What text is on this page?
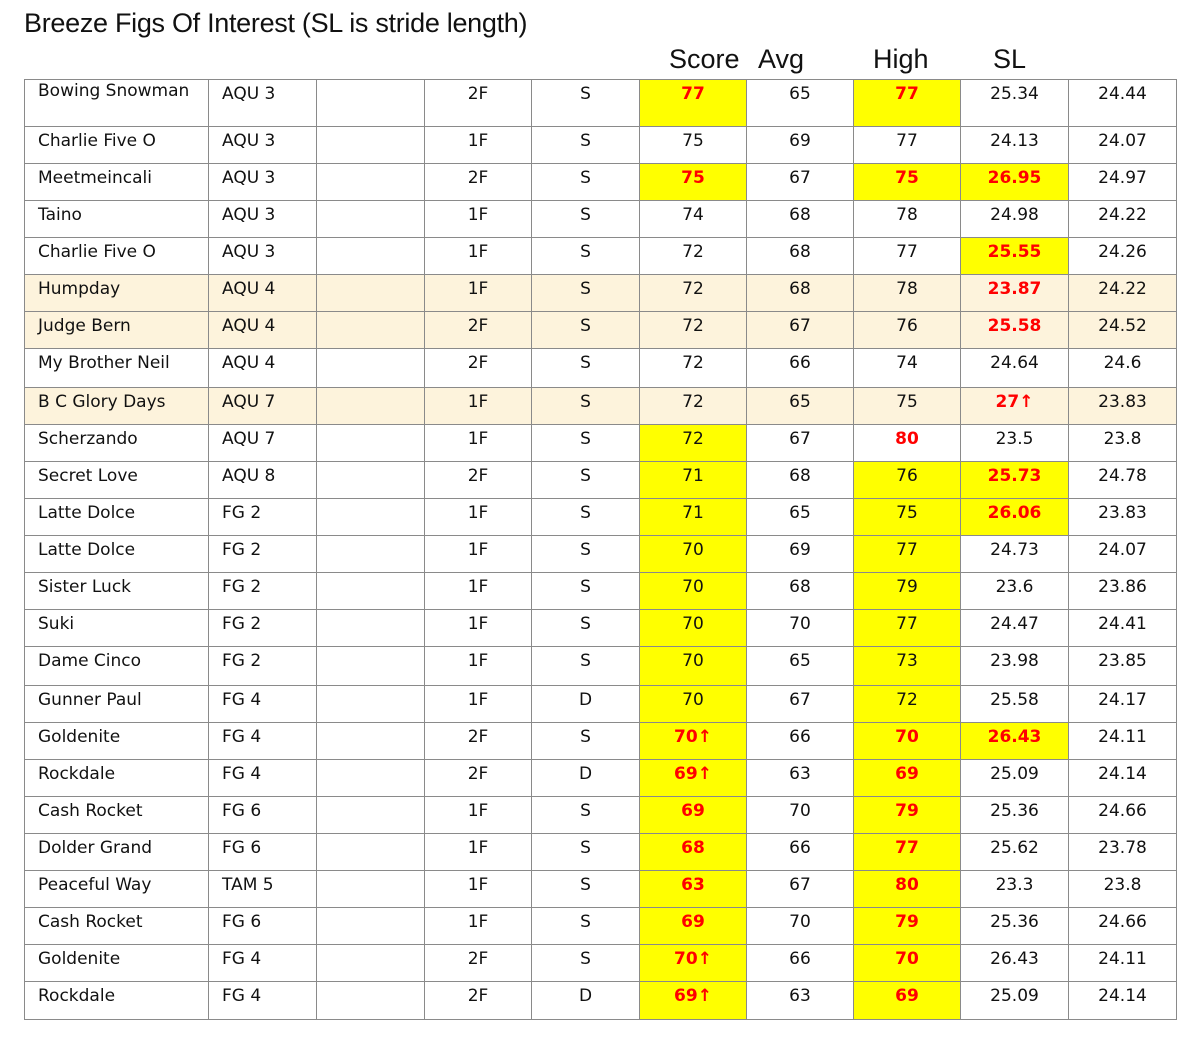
Breeze Figs Of Interest (SL is stride length)
Score Avg	High SL
Bowing Snowman	AQU 3		2F	S	77	65	77	25.34	24.44
Charlie Five O	AQU 3		1F	S	75	69	77	24.13	24.07
Meetmeincali	AQU 3		2F	S	75	67	75	26.95	24.97
Taino	AQU 3		1F	S	74	68	78	24.98	24.22
Charlie Five O	AQU 3		1F	S	72	68	77	25.55	24.26
Humpday	AQU 4		1F	S	72	68	78	23.87	24.22
Judge Bern	AQU 4		2F	S	72	67	76	25.58	24.52
My Brother Neil	AQU 4		2F	S	72	66	74	24.64	24.6
B C Glory Days	AQU 7		1F	S	72	65	75	27↑	23.83
Scherzando	AQU 7		1F	S	72	67	80	23.5	23.8
Secret Love	AQU 8		2F	S	71	68	76	25.73	24.78
Latte Dolce	FG 2		1F	S	71	65	75	26.06	23.83
Latte Dolce	FG 2		1F	S	70	69	77	24.73	24.07
Sister Luck	FG 2		1F	S	70	68	79	23.6	23.86
Suki	FG 2		1F	S	70	70	77	24.47	24.41
Dame Cinco	FG 2		1F	S	70	65	73	23.98	23.85
Gunner Paul	FG 4		1F	D	70	67	72	25.58	24.17
Goldenite	FG 4		2F	S	70↑	66	70	26.43	24.11
Rockdale	FG 4		2F	D	69↑	63	69	25.09	24.14
Cash Rocket	FG 6		1F	S	69	70	79	25.36	24.66
Dolder Grand	FG 6		1F	S	68	66	77	25.62	23.78
Peaceful Way	TAM 5		1F	S	63	67	80	23.3	23.8
Cash Rocket	FG 6		1F	S	69	70	79	25.36	24.66
Goldenite	FG 4		2F	S	70↑	66	70	26.43	24.11
Rockdale	FG 4		2F	D	69↑	63	69	25.09	24.14
